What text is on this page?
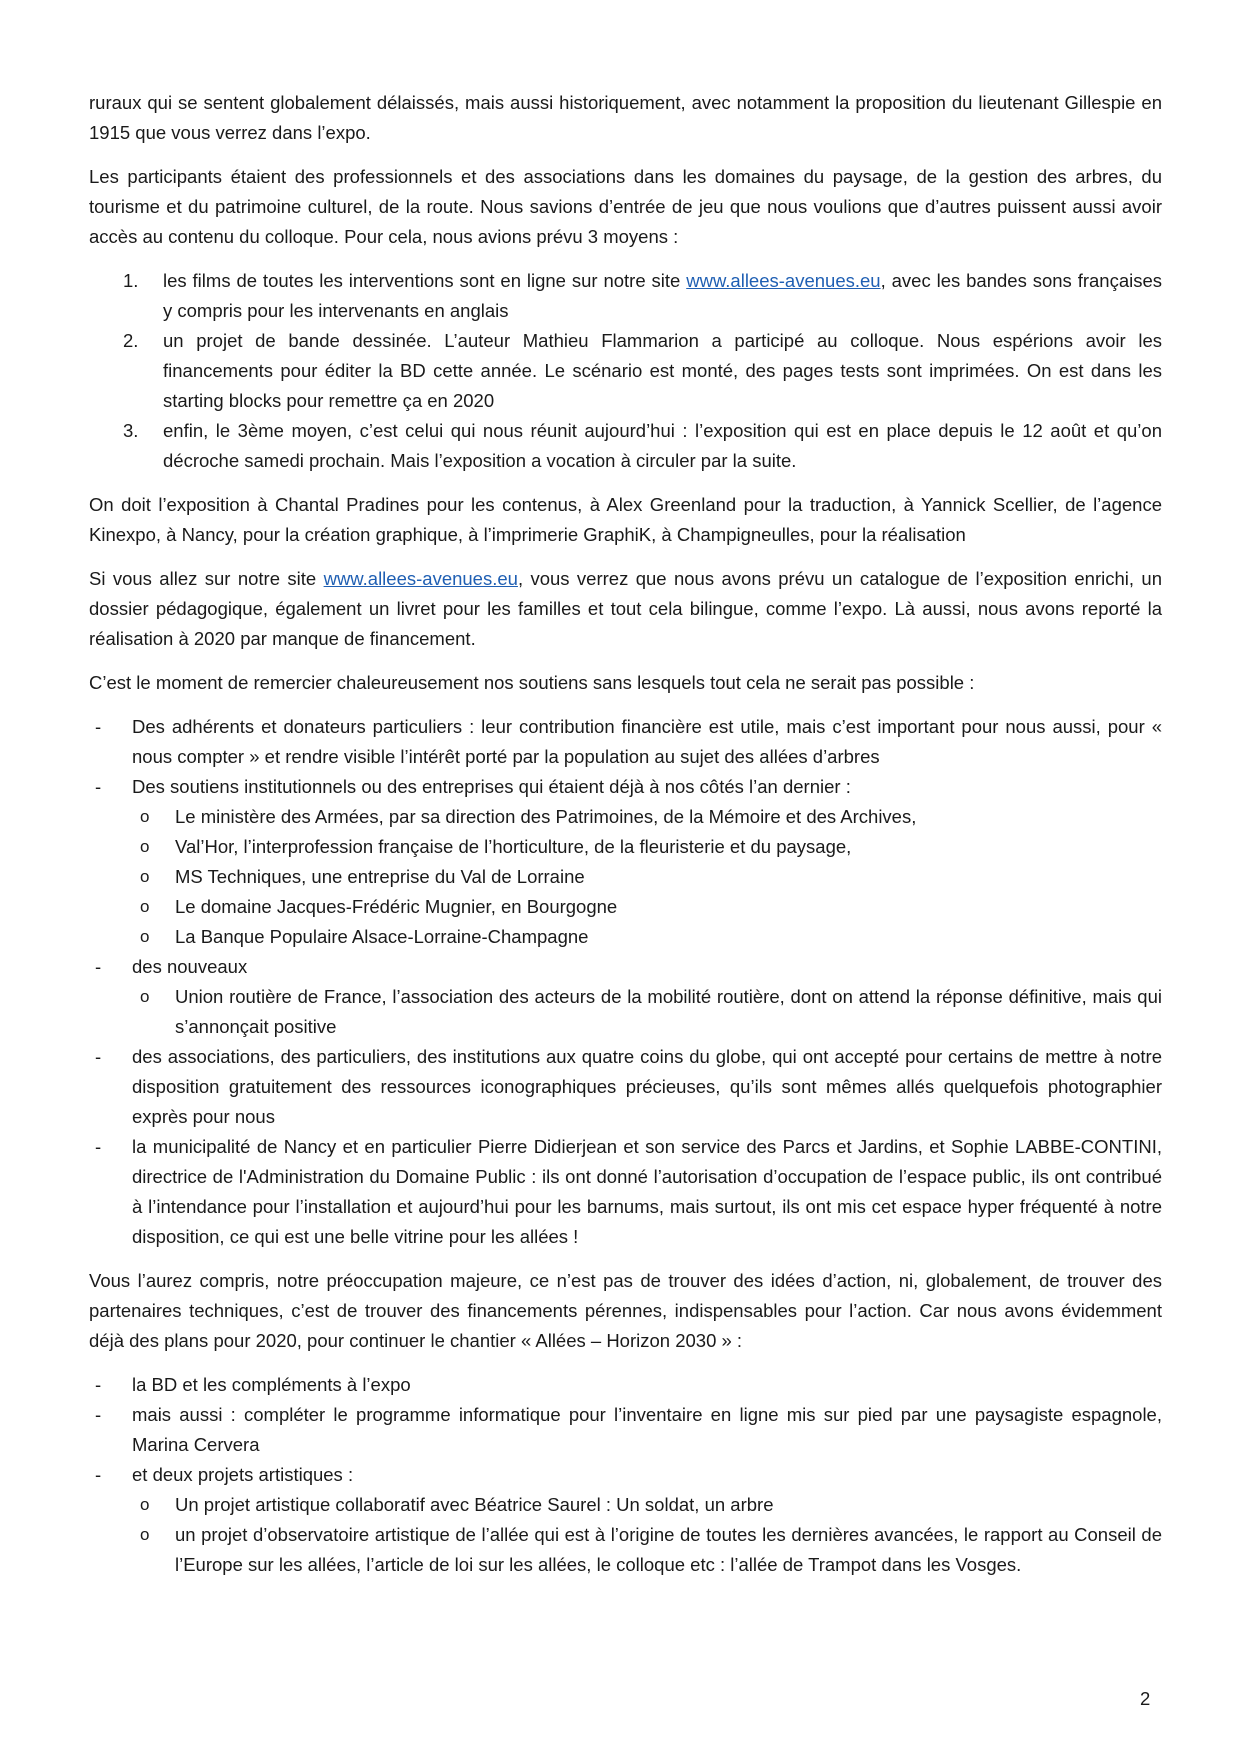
ruraux qui se sentent globalement délaissés, mais aussi historiquement, avec notamment la proposition du lieutenant Gillespie en 1915 que vous verrez dans l’expo.

Les participants étaient des professionnels et des associations dans les domaines du paysage, de la gestion des arbres, du tourisme et du patrimoine culturel, de la route. Nous savions d’entrée de jeu que nous voulions que d’autres puissent aussi avoir accès au contenu du colloque. Pour cela, nous avions prévu 3 moyens :

1. les films de toutes les interventions sont en ligne sur notre site www.allees-avenues.eu, avec les bandes sons françaises y compris pour les intervenants en anglais
2. un projet de bande dessinée. L’auteur Mathieu Flammarion a participé au colloque. Nous espérions avoir les financements pour éditer la BD cette année. Le scénario est monté, des pages tests sont imprimées. On est dans les starting blocks pour remettre ça en 2020
3. enfin, le 3ème moyen, c’est celui qui nous réunit aujourd’hui : l’exposition qui est en place depuis le 12 août et qu’on décroche samedi prochain. Mais l’exposition a vocation à circuler par la suite.

On doit l’exposition à Chantal Pradines pour les contenus, à Alex Greenland pour la traduction, à Yannick Scellier, de l’agence Kinexpo, à Nancy, pour la création graphique, à l’imprimerie GraphiK, à Champigneulles, pour la réalisation

Si vous allez sur notre site www.allees-avenues.eu, vous verrez que nous avons prévu un catalogue de l’exposition enrichi, un dossier pédagogique, également un livret pour les familles et tout cela bilingue, comme l’expo. Là aussi, nous avons reporté la réalisation à 2020 par manque de financement.

C’est le moment de remercier chaleureusement nos soutiens sans lesquels tout cela ne serait pas possible :

- Des adhérents et donateurs particuliers : leur contribution financière est utile, mais c’est important pour nous aussi, pour « nous compter » et rendre visible l’intérêt porté par la population au sujet des allées d’arbres
- Des soutiens institutionnels ou des entreprises qui étaient déjà à nos côtés l’an dernier :
o Le ministère des Armées, par sa direction des Patrimoines, de la Mémoire et des Archives,
o Val’Hor, l’interprofession française de l’horticulture, de la fleuristerie et du paysage,
o MS Techniques, une entreprise du Val de Lorraine
o Le domaine Jacques-Frédéric Mugnier, en Bourgogne
o La Banque Populaire Alsace-Lorraine-Champagne
- des nouveaux
o Union routière de France, l’association des acteurs de la mobilité routière, dont on attend la réponse définitive, mais qui s’annonçait positive
- des associations, des particuliers, des institutions aux quatre coins du globe, qui ont accepté pour certains de mettre à notre disposition gratuitement des ressources iconographiques précieuses, qu’ils sont mêmes allés quelquefois photographier exprès pour nous
- la municipalité de Nancy et en particulier Pierre Didierjean et son service des Parcs et Jardins, et Sophie LABBE-CONTINI, directrice de l'Administration du Domaine Public : ils ont donné l’autorisation d’occupation de l’espace public, ils ont contribué à l’intendance pour l’installation et aujourd’hui pour les barnums, mais surtout, ils ont mis cet espace hyper fréquenté à notre disposition, ce qui est une belle vitrine pour les allées !

Vous l’aurez compris, notre préoccupation majeure, ce n’est pas de trouver des idées d’action, ni, globalement, de trouver des partenaires techniques, c’est de trouver des financements pérennes, indispensables pour l’action. Car nous avons évidemment déjà des plans pour 2020, pour continuer le chantier « Allées – Horizon 2030 » :

- la BD et les compléments à l’expo
- mais aussi : compléter le programme informatique pour l’inventaire en ligne mis sur pied par une paysagiste espagnole, Marina Cervera
- et deux projets artistiques :
o Un projet artistique collaboratif avec Béatrice Saurel : Un soldat, un arbre
o un projet d’observatoire artistique de l’allée qui est à l’origine de toutes les dernières avancées, le rapport au Conseil de l’Europe sur les allées, l’article de loi sur les allées, le colloque etc : l’allée de Trampot dans les Vosges.
2
